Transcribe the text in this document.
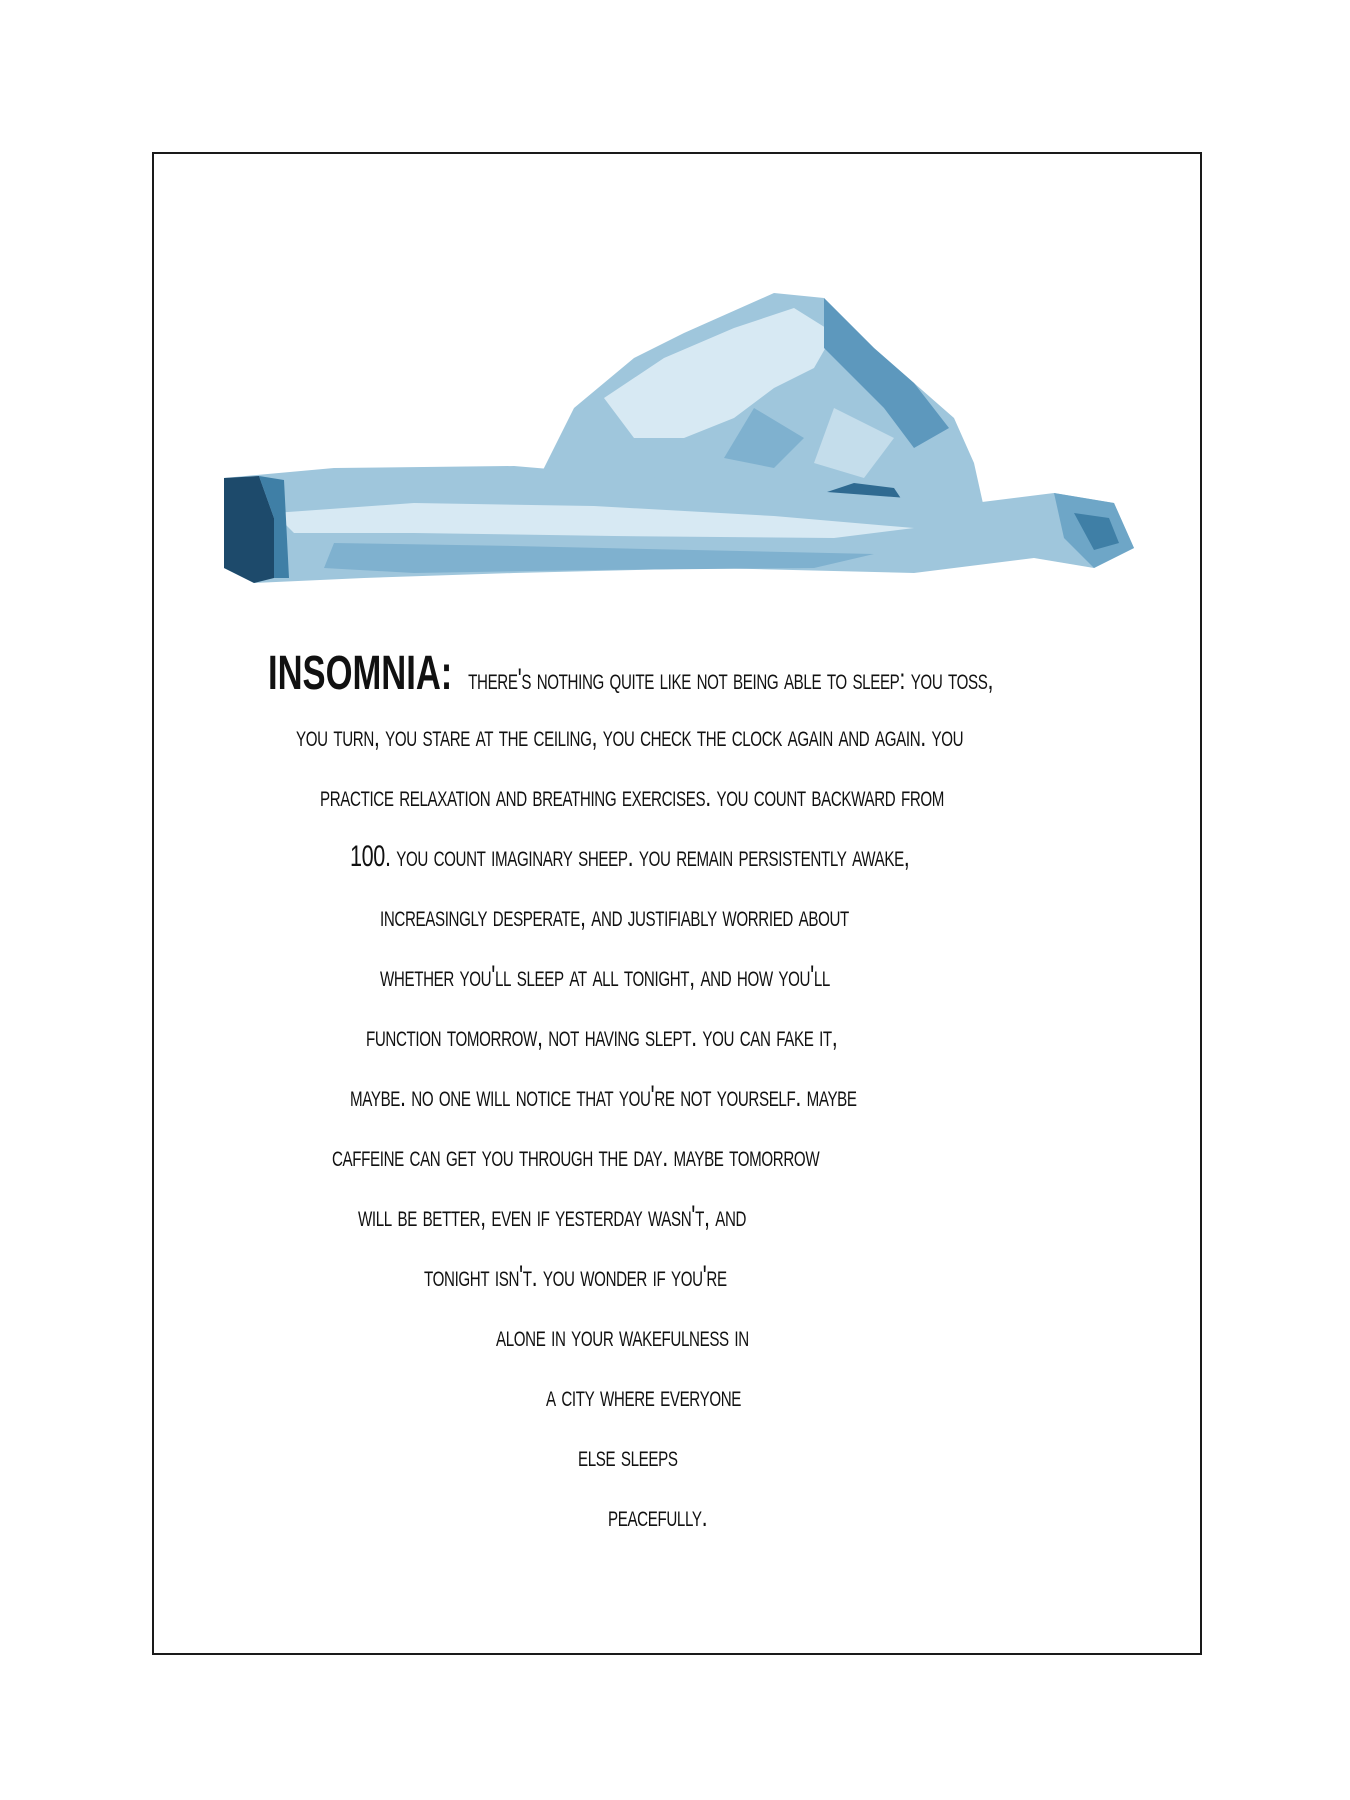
INSOMNIA: there's nothing quite like not being able to sleep: you toss,
you turn, you stare at the ceiling, you check the clock again and again. you
practice relaxation and breathing exercises. you count backward from
100. you count imaginary sheep. you remain persistently awake,
increasingly desperate, and justifiably worried about
whether you'll sleep at all tonight, and how you'll
function tomorrow, not having slept. you can fake it,
maybe. no one will notice that you're not yourself. maybe
caffeine can get you through the day. maybe tomorrow
will be better, even if yesterday wasn't, and
tonight isn't. you wonder if you're
alone in your wakefulness in
a city where everyone
else sleeps
peacefully.
